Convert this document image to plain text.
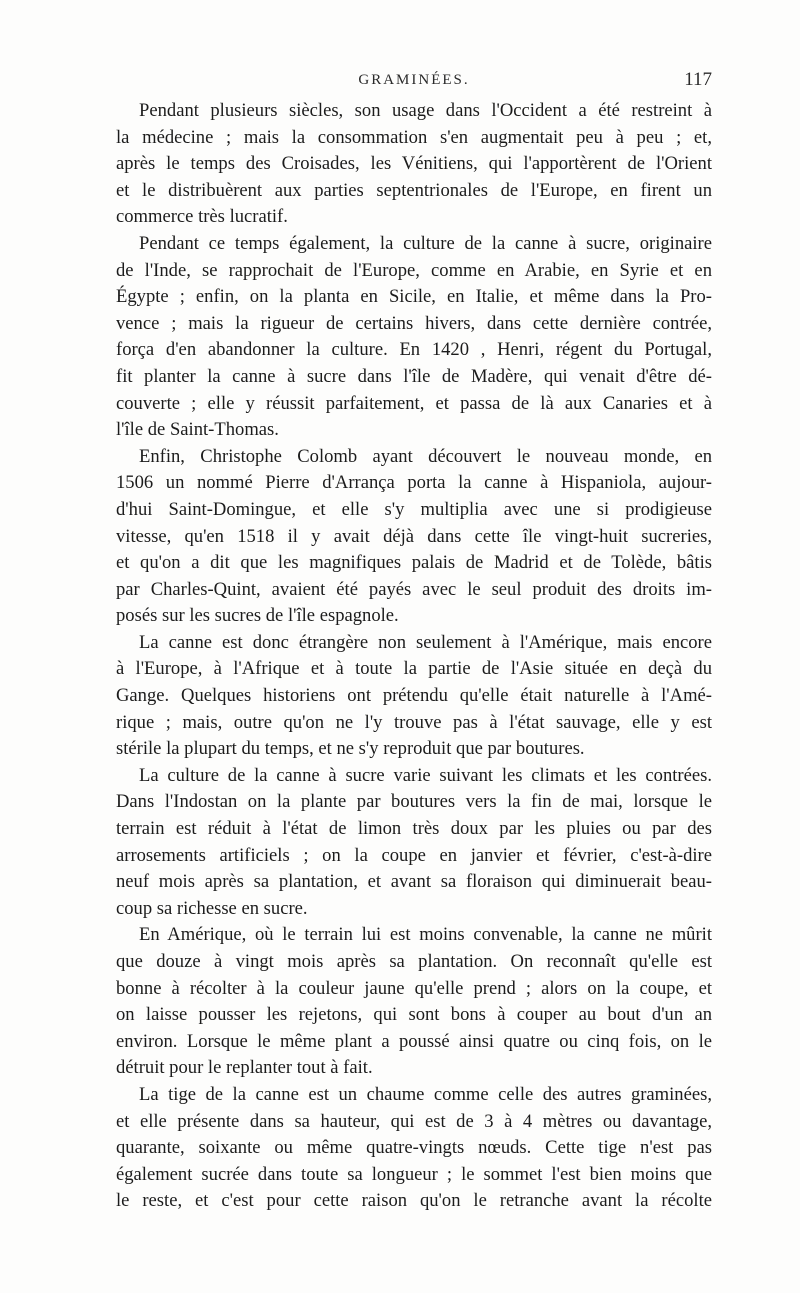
GRAMINÉES.	117
Pendant plusieurs siècles, son usage dans l'Occident a été restreint à
la médecine ; mais la consommation s'en augmentait peu à peu ; et,
après le temps des Croisades, les Vénitiens, qui l'apportèrent de l'Orient
et le distribuèrent aux parties septentrionales de l'Europe, en firent un
commerce très lucratif.
Pendant ce temps également, la culture de la canne à sucre, originaire
de l'Inde, se rapprochait de l'Europe, comme en Arabie, en Syrie et en
Égypte ; enfin, on la planta en Sicile, en Italie, et même dans la Pro-
vence ; mais la rigueur de certains hivers, dans cette dernière contrée,
força d'en abandonner la culture. En 1420 , Henri, régent du Portugal,
fit planter la canne à sucre dans l'île de Madère, qui venait d'être dé-
couverte ; elle y réussit parfaitement, et passa de là aux Canaries et à
l'île de Saint-Thomas.
Enfin, Christophe Colomb ayant découvert le nouveau monde, en
1506 un nommé Pierre d'Arrança porta la canne à Hispaniola, aujour-
d'hui Saint-Domingue, et elle s'y multiplia avec une si prodigieuse
vitesse, qu'en 1518 il y avait déjà dans cette île vingt-huit sucreries,
et qu'on a dit que les magnifiques palais de Madrid et de Tolède, bâtis
par Charles-Quint, avaient été payés avec le seul produit des droits im-
posés sur les sucres de l'île espagnole.
La canne est donc étrangère non seulement à l'Amérique, mais encore
à l'Europe, à l'Afrique et à toute la partie de l'Asie située en deçà du
Gange. Quelques historiens ont prétendu qu'elle était naturelle à l'Amé-
rique ; mais, outre qu'on ne l'y trouve pas à l'état sauvage, elle y est
stérile la plupart du temps, et ne s'y reproduit que par boutures.
La culture de la canne à sucre varie suivant les climats et les contrées.
Dans l'Indostan on la plante par boutures vers la fin de mai, lorsque le
terrain est réduit à l'état de limon très doux par les pluies ou par des
arrosements artificiels ; on la coupe en janvier et février, c'est-à-dire
neuf mois après sa plantation, et avant sa floraison qui diminuerait beau-
coup sa richesse en sucre.
En Amérique, où le terrain lui est moins convenable, la canne ne mûrit
que douze à vingt mois après sa plantation. On reconnaît qu'elle est
bonne à récolter à la couleur jaune qu'elle prend ; alors on la coupe, et
on laisse pousser les rejetons, qui sont bons à couper au bout d'un an
environ. Lorsque le même plant a poussé ainsi quatre ou cinq fois, on le
détruit pour le replanter tout à fait.
La tige de la canne est un chaume comme celle des autres graminées,
et elle présente dans sa hauteur, qui est de 3 à 4 mètres ou davantage,
quarante, soixante ou même quatre-vingts nœuds. Cette tige n'est pas
également sucrée dans toute sa longueur ; le sommet l'est bien moins que
le reste, et c'est pour cette raison qu'on le retranche avant la récolte
